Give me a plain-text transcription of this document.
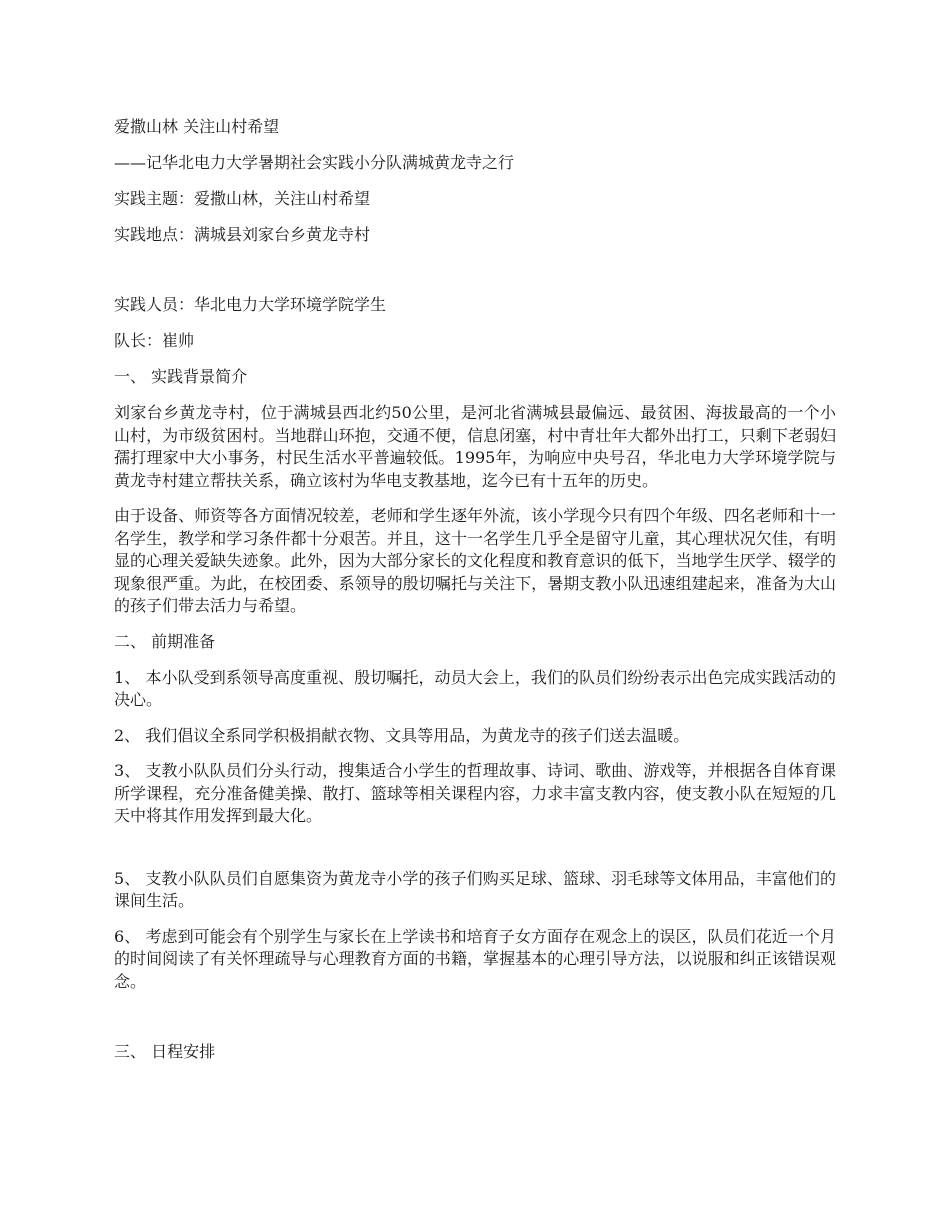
爱撒山林 关注山村希望
——记华北电力大学暑期社会实践小分队满城黄龙寺之行
实践主题：爱撒山林，关注山村希望
实践地点：满城县刘家台乡黄龙寺村
实践人员：华北电力大学环境学院学生
队长：崔帅
一、 实践背景简介

刘家台乡黄龙寺村，位于满城县西北约50公里，是河北省满城县最偏远、最贫困、海拔最高的一个小山村，为市级贫困村。当地群山环抱，交通不便，信息闭塞，村中青壮年大都外出打工，只剩下老弱妇孺打理家中大小事务，村民生活水平普遍较低。1995年，为响应中央号召，华北电力大学环境学院与黄龙寺村建立帮扶关系，确立该村为华电支教基地，迄今已有十五年的历史。

由于设备、师资等各方面情况较差，老师和学生逐年外流，该小学现今只有四个年级、四名老师和十一名学生，教学和学习条件都十分艰苦。并且，这十一名学生几乎全是留守儿童，其心理状况欠佳，有明显的心理关爱缺失迹象。此外，因为大部分家长的文化程度和教育意识的低下，当地学生厌学、辍学的现象很严重。为此，在校团委、系领导的殷切嘱托与关注下，暑期支教小队迅速组建起来，准备为大山的孩子们带去活力与希望。

二、 前期准备

1、 本小队受到系领导高度重视、殷切嘱托，动员大会上，我们的队员们纷纷表示出色完成实践活动的决心。

2、 我们倡议全系同学积极捐献衣物、文具等用品，为黄龙寺的孩子们送去温暖。

3、 支教小队队员们分头行动，搜集适合小学生的哲理故事、诗词、歌曲、游戏等，并根据各自体育课所学课程，充分准备健美操、散打、篮球等相关课程内容，力求丰富支教内容，使支教小队在短短的几天中将其作用发挥到最大化。

5、 支教小队队员们自愿集资为黄龙寺小学的孩子们购买足球、篮球、羽毛球等文体用品，丰富他们的课间生活。

6、 考虑到可能会有个别学生与家长在上学读书和培育子女方面存在观念上的误区，队员们花近一个月的时间阅读了有关怀理疏导与心理教育方面的书籍，掌握基本的心理引导方法，以说服和纠正该错误观念。

三、 日程安排
